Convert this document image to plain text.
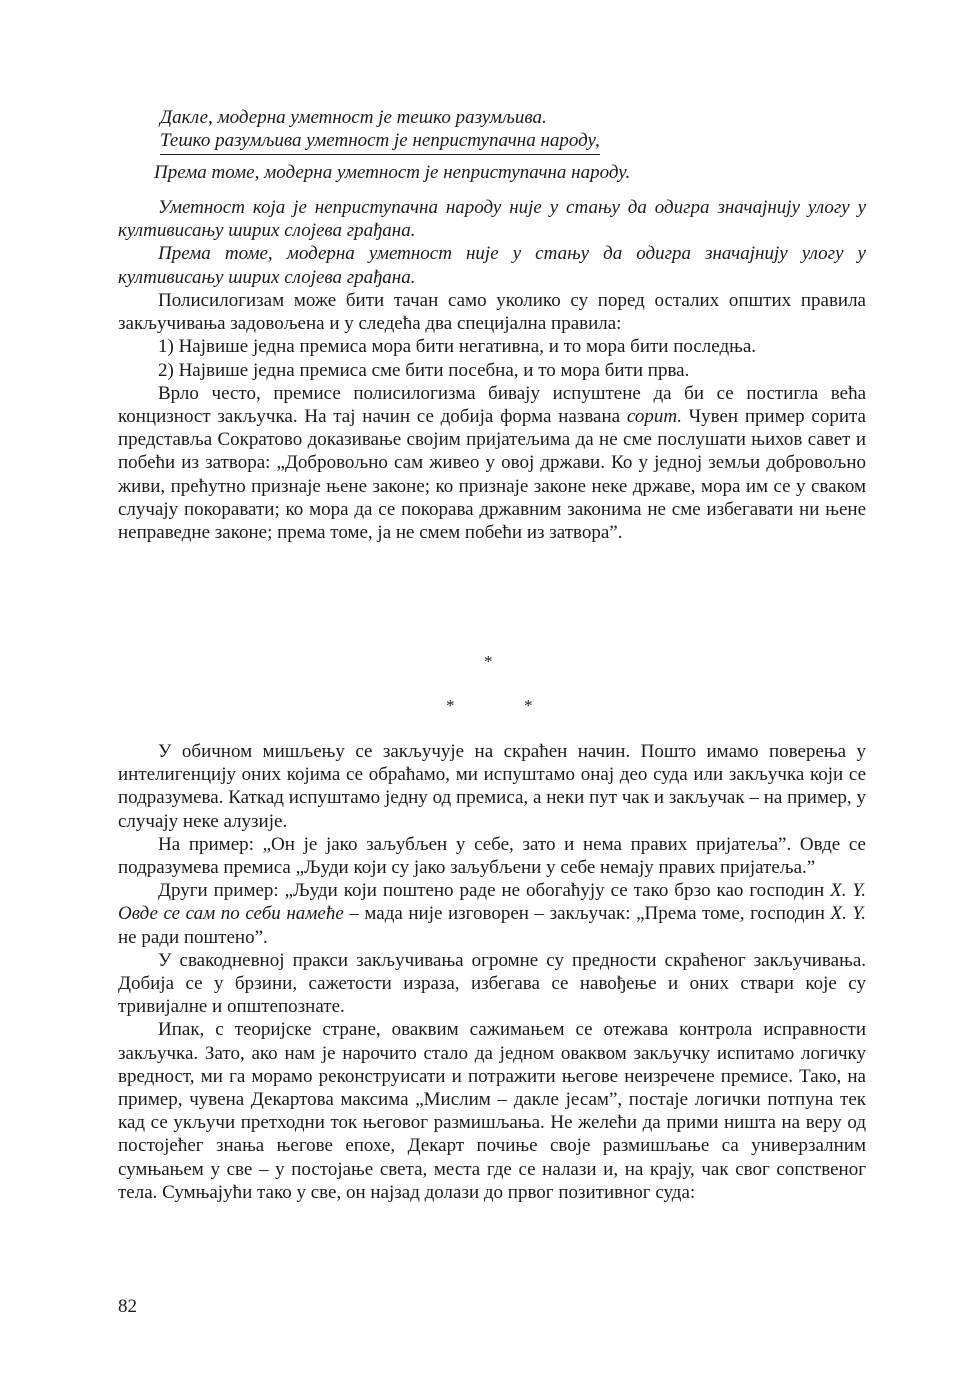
Дакле, модерна уметност је тешко разумљива.

Тешко разумљива уметност је неприступачна народу,

Према томе, модерна уметност је неприступачна народу.

Уметност која је неприступачна народу није у стању да одигра значајнију улогу у култивисању ширих слојева грађана.

Према томе, модерна уметност није у стању да одигра значајнију улогу у култивисању ширих слојева грађана.

Полисилогизам може бити тачан само уколико су поред осталих општих правила закључивања задовољена и у следећа два специјална правила:

1) Највише једна премиса мора бити негативна, и то мора бити последња.

2) Највише једна премиса сме бити посебна, и то мора бити прва.

Врло често, премисе полисилогизма бивају испуштене да би се постигла већа концизност закључка. На тај начин се добија форма названа сорит. Чувен пример сорита представља Сократово доказивање својим пријатељима да не сме послушати њихов савет и побећи из затвора: „Добровољно сам живео у овој држави. Ко у једној земљи добровољно живи, прећутно признаје њене законе; ко признаје законе неке државе, мора им се у сваком случају покоравати; ко мора да се покорава државним законима не сме избегавати ни њене неправедне законе; према томе, ја не смем побећи из затвора”.

*
*	*

У обичном мишљењу се закључује на скраћен начин. Пошто имамо поверења у интелигенцију оних којима се обраћамо, ми испуштамо онај део суда или закључка који се подразумева. Каткад испуштамо једну од премиса, а неки пут чак и закључак – на пример, у случају неке алузије.

На пример: „Он је јако заљубљен у себе, зато и нема правих пријатеља”. Овде се подразумева премиса „Људи који су јако заљубљени у себе немају правих пријатеља.”

Други пример: „Људи који поштено раде не обогаћују се тако брзо као господин X. Y. Овде се сам по себи намеће – мада није изговорен – закључак: „Према томе, господин X. Y. не ради поштено”.

У свакодневној пракси закључивања огромне су предности скраћеног закључивања. Добија се у брзини, сажетости израза, избегава се навођење и оних ствари које су тривијалне и општепознате.

Ипак, с теоријске стране, оваквим сажимањем се отежава контрола исправности закључка. Зато, ако нам је нарочито стало да једном оваквом закључку испитамо логичку вредност, ми га морамо реконструисати и потражити његове неизречене премисе. Тако, на пример, чувена Декартова максима „Мислим – дакле јесам”, постаје логички потпуна тек кад се укључи претходни ток његовог размишљања. Не желећи да прими ништа на веру од постојећег знања његове епохе, Декарт почиње своје размишљање са универзалним сумњањем у све – у постојање света, места где се налази и, на крају, чак свог сопственог тела. Сумњајући тако у све, он најзад долази до првог позитивног суда:

82
